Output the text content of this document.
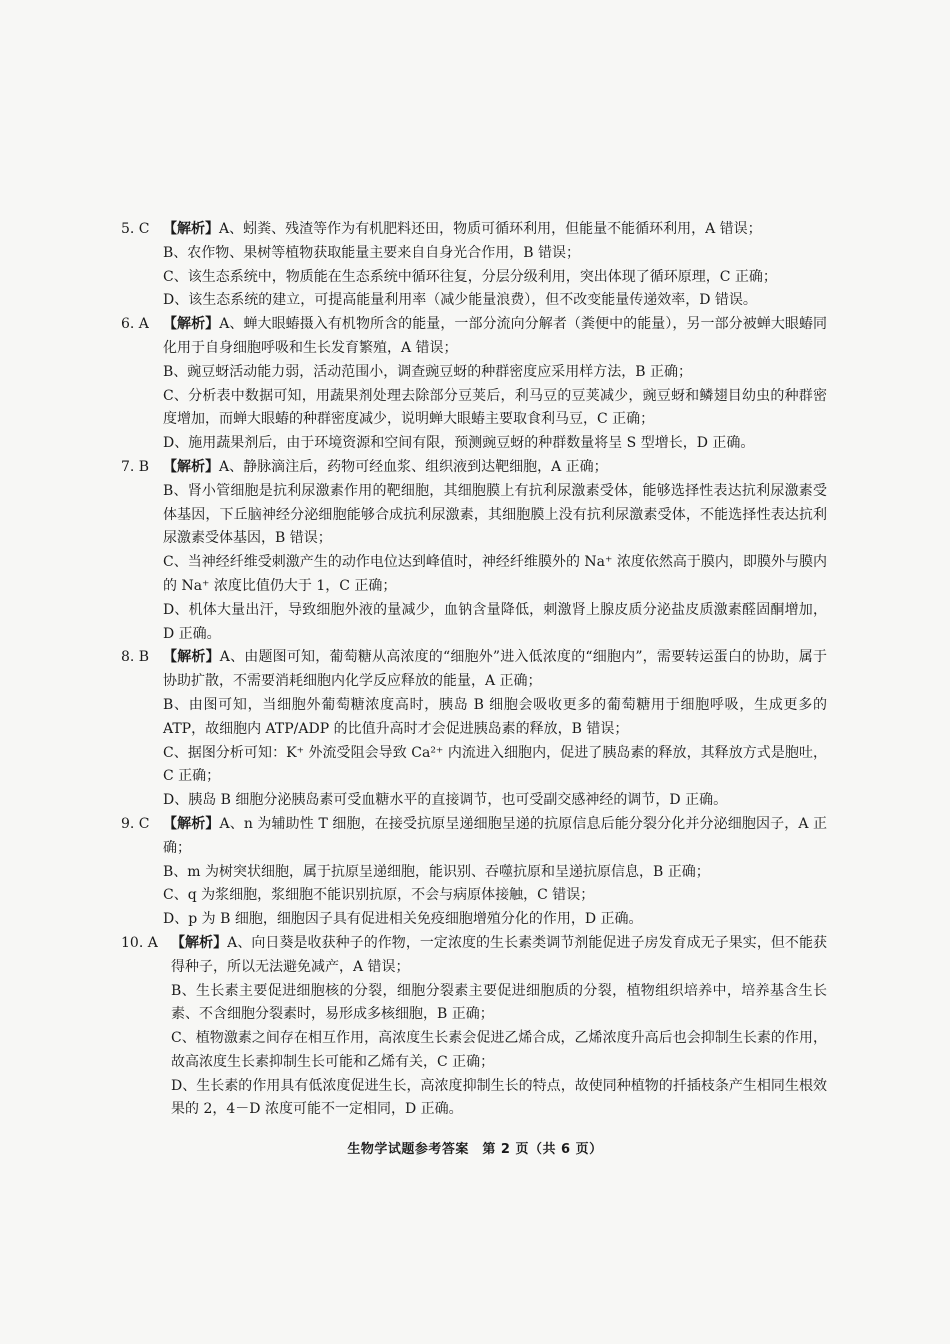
5. C 【解析】A、蚓粪、残渣等作为有机肥料还田，物质可循环利用，但能量不能循环利用，A 错误；

B、农作物、果树等植物获取能量主要来自自身光合作用，B 错误；

C、该生态系统中，物质能在生态系统中循环往复，分层分级利用，突出体现了循环原理，C 正确；

D、该生态系统的建立，可提高能量利用率（减少能量浪费），但不改变能量传递效率，D 错误。

6. A 【解析】A、蝉大眼蝽摄入有机物所含的能量，一部分流向分解者（粪便中的能量），另一部分被蝉大眼蝽同化用于自身细胞呼吸和生长发育繁殖，A 错误；

B、豌豆蚜活动能力弱，活动范围小，调查豌豆蚜的种群密度应采用样方法，B 正确；

C、分析表中数据可知，用蔬果剂处理去除部分豆荚后，利马豆的豆荚减少，豌豆蚜和鳞翅目幼虫的种群密度增加，而蝉大眼蝽的种群密度减少，说明蝉大眼蝽主要取食利马豆，C 正确；

D、施用蔬果剂后，由于环境资源和空间有限，预测豌豆蚜的种群数量将呈 S 型增长，D 正确。

7. B 【解析】A、静脉滴注后，药物可经血浆、组织液到达靶细胞，A 正确；

B、肾小管细胞是抗利尿激素作用的靶细胞，其细胞膜上有抗利尿激素受体，能够选择性表达抗利尿激素受体基因，下丘脑神经分泌细胞能够合成抗利尿激素，其细胞膜上没有抗利尿激素受体，不能选择性表达抗利尿激素受体基因，B 错误；

C、当神经纤维受刺激产生的动作电位达到峰值时，神经纤维膜外的 Na⁺ 浓度依然高于膜内，即膜外与膜内的 Na⁺ 浓度比值仍大于 1，C 正确；

D、机体大量出汗，导致细胞外液的量减少，血钠含量降低，刺激肾上腺皮质分泌盐皮质激素醛固酮增加，D 正确。

8. B 【解析】A、由题图可知，葡萄糖从高浓度的“细胞外”进入低浓度的“细胞内”，需要转运蛋白的协助，属于协助扩散，不需要消耗细胞内化学反应释放的能量，A 正确；

B、由图可知，当细胞外葡萄糖浓度高时，胰岛 B 细胞会吸收更多的葡萄糖用于细胞呼吸，生成更多的 ATP，故细胞内 ATP/ADP 的比值升高时才会促进胰岛素的释放，B 错误；

C、据图分析可知：K⁺ 外流受阻会导致 Ca²⁺ 内流进入细胞内，促进了胰岛素的释放，其释放方式是胞吐，C 正确；

D、胰岛 B 细胞分泌胰岛素可受血糖水平的直接调节，也可受副交感神经的调节，D 正确。

9. C 【解析】A、n 为辅助性 T 细胞，在接受抗原呈递细胞呈递的抗原信息后能分裂分化并分泌细胞因子，A 正确；

B、m 为树突状细胞，属于抗原呈递细胞，能识别、吞噬抗原和呈递抗原信息，B 正确；

C、q 为浆细胞，浆细胞不能识别抗原，不会与病原体接触，C 错误；

D、p 为 B 细胞，细胞因子具有促进相关免疫细胞增殖分化的作用，D 正确。

10. A 【解析】A、向日葵是收获种子的作物，一定浓度的生长素类调节剂能促进子房发育成无子果实，但不能获得种子，所以无法避免减产，A 错误；

B、生长素主要促进细胞核的分裂，细胞分裂素主要促进细胞质的分裂，植物组织培养中，培养基含生长素、不含细胞分裂素时，易形成多核细胞，B 正确；

C、植物激素之间存在相互作用，高浓度生长素会促进乙烯合成，乙烯浓度升高后也会抑制生长素的作用，故高浓度生长素抑制生长可能和乙烯有关，C 正确；

D、生长素的作用具有低浓度促进生长，高浓度抑制生长的特点，故使同种植物的扦插枝条产生相同生根效果的 2，4－D 浓度可能不一定相同，D 正确。

生物学试题参考答案　第 2 页（共 6 页）
